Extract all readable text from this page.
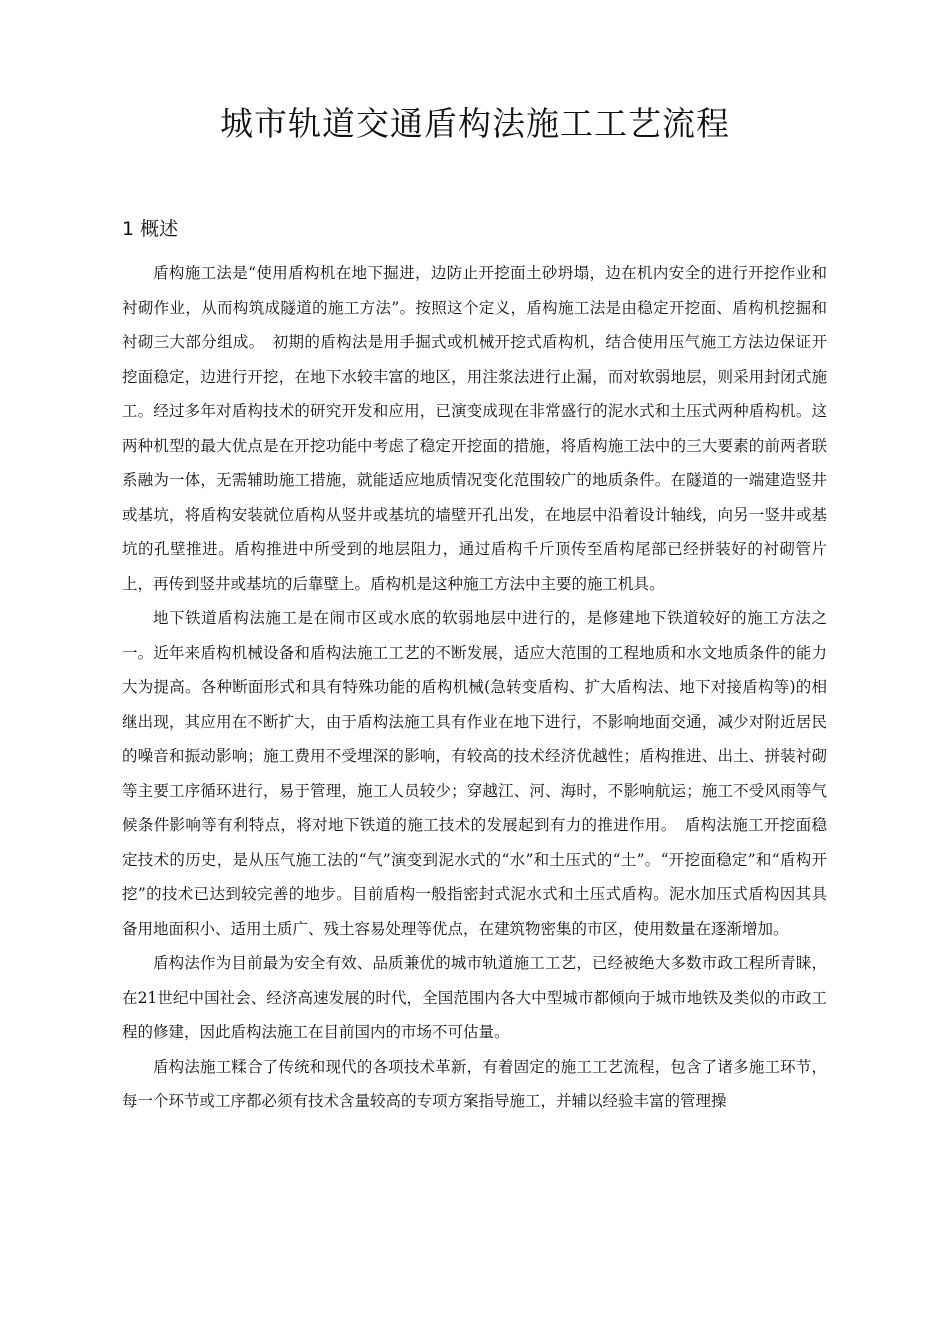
城市轨道交通盾构法施工工艺流程
1 概述

盾构施工法是“使用盾构机在地下掘进，边防止开挖面土砂坍塌，边在机内安全的进行开挖作业和衬砌作业，从而构筑成隧道的施工方法”。按照这个定义，盾构施工法是由稳定开挖面、盾构机挖掘和衬砌三大部分组成。　初期的盾构法是用手掘式或机械开挖式盾构机，结合使用压气施工方法边保证开挖面稳定，边进行开挖，在地下水较丰富的地区，用注浆法进行止漏，而对软弱地层，则采用封闭式施工。经过多年对盾构技术的研究开发和应用，已演变成现在非常盛行的泥水式和土压式两种盾构机。这两种机型的最大优点是在开挖功能中考虑了稳定开挖面的措施，将盾构施工法中的三大要素的前两者联系融为一体，无需辅助施工措施，就能适应地质情况变化范围较广的地质条件。在隧道的一端建造竖井或基坑，将盾构安装就位盾构从竖井或基坑的墙壁开孔出发，在地层中沿着设计轴线，向另一竖井或基坑的孔壁推进。盾构推进中所受到的地层阻力，通过盾构千斤顶传至盾构尾部已经拼装好的衬砌管片上，再传到竖井或基坑的后靠壁上。盾构机是这种施工方法中主要的施工机具。

地下铁道盾构法施工是在闹市区或水底的软弱地层中进行的，是修建地下铁道较好的施工方法之一。近年来盾构机械设备和盾构法施工工艺的不断发展，适应大范围的工程地质和水文地质条件的能力大为提高。各种断面形式和具有特殊功能的盾构机械(急转变盾构、扩大盾构法、地下对接盾构等)的相继出现，其应用在不断扩大，由于盾构法施工具有作业在地下进行，不影响地面交通，减少对附近居民的噪音和振动影响；施工费用不受埋深的影响，有较高的技术经济优越性；盾构推进、出土、拼装衬砌等主要工序循环进行，易于管理，施工人员较少；穿越江、河、海时，不影响航运；施工不受风雨等气候条件影响等有利特点，将对地下铁道的施工技术的发展起到有力的推进作用。　盾构法施工开挖面稳定技术的历史，是从压气施工法的“气”演变到泥水式的“水”和土压式的“土”。“开挖面稳定”和“盾构开挖”的技术已达到较完善的地步。目前盾构一般指密封式泥水式和土压式盾构。泥水加压式盾构因其具备用地面积小、适用土质广、残土容易处理等优点，在建筑物密集的市区，使用数量在逐渐增加。

盾构法作为目前最为安全有效、品质兼优的城市轨道施工工艺，已经被绝大多数市政工程所青睐，在21世纪中国社会、经济高速发展的时代，全国范围内各大中型城市都倾向于城市地铁及类似的市政工程的修建，因此盾构法施工在目前国内的市场不可估量。

盾构法施工糅合了传统和现代的各项技术革新，有着固定的施工工艺流程，包含了诸多施工环节，每一个环节或工序都必须有技术含量较高的专项方案指导施工，并辅以经验丰富的管理操
